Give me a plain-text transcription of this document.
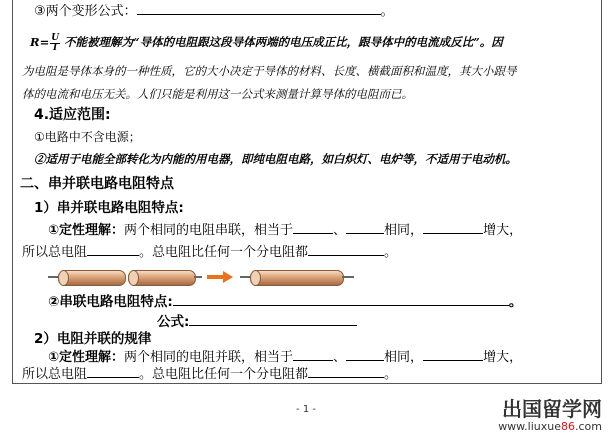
③两个变形公式：	。
$R= \frac{U}{I}$ 不能被理解为“导体的电阻跟这段导体两端的电压成正比，跟导体中的电流成反比”。因
为电阻是导体本身的一种性质，它的大小决定于导体的材料、长度、横截面积和温度，其大小跟导
体的电流和电压无关。人们只能是利用这一公式来测量计算导体的电阻而已。
4.适应范围:
①电路中不含电源；
②适用于电能全部转化为内能的用电器，即纯电阻电路，如白炽灯、电炉等，不适用于电动机。
二、串并联电路电阻特点
1）串并联电路电阻特点:
①定性理解：两个相同的电阻串联，相当于	、	相同，	增大，
所以总电阻	。总电阻比任何一个分电阻都	。
②串联电路电阻特点:	。
公式:
2）电阻并联的规律
①定性理解：两个相同的电阻并联，相当于	、	相同，	增大，
所以总电阻	。总电阻比任何一个分电阻都	。
- 1 -	出国留学网
www.liuxue86.com
